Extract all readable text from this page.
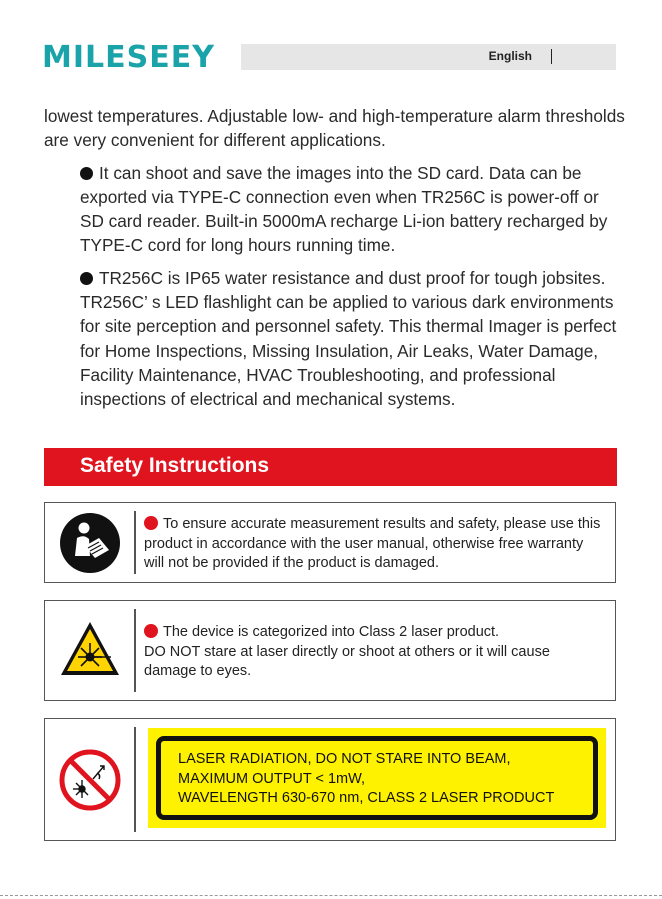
MILESEEY	English

lowest temperatures. Adjustable low- and high-temperature alarm thresholds are very convenient for different applications.

It can shoot and save the images into the SD card. Data can be exported via TYPE-C connection even when TR256C is power-off or SD card reader. Built-in 5000mA recharge Li-ion battery recharged by TYPE-C cord for long hours running time.

TR256C is IP65 water resistance and dust proof for tough jobsites. TR256C’ s LED flashlight can be applied to various dark environments for site perception and personnel safety. This thermal Imager is perfect for Home Inspections, Missing Insulation, Air Leaks, Water Damage, Facility Maintenance, HVAC Troubleshooting, and professional inspections of electrical and mechanical systems.

Safety Instructions
To ensure accurate measurement results and safety, please use this product in accordance with the user manual, otherwise free warranty will not be provided if the product is damaged.
The device is categorized into Class 2 laser product.
DO NOT stare at laser directly or shoot at others or it will cause damage to eyes.
LASER RADIATION, DO NOT STARE INTO BEAM,
MAXIMUM OUTPUT < 1mW,
WAVELENGTH 630-670 nm, CLASS 2 LASER PRODUCT
